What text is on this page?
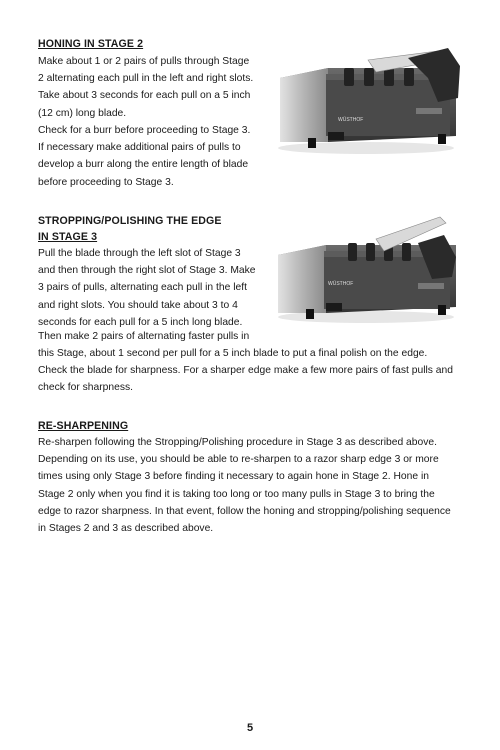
HONING IN STAGE 2

Make about 1 or 2 pairs of pulls through Stage
2 alternating each pull in the left and right slots.
Take about 3 seconds for each pull on a 5 inch
(12 cm) long blade.

Check for a burr before proceeding to Stage 3.
If necessary make additional pairs of pulls to
develop a burr along the entire length of blade
before proceeding to Stage 3.

WÜSTHOF
STROPPING/POLISHING THE EDGE
IN STAGE 3

Pull the blade through the left slot of Stage 3
and then through the right slot of Stage 3. Make
3 pairs of pulls, alternating each pull in the left
and right slots. You should take about 3 to 4
seconds for each pull for a 5 inch long blade.

Then make 2 pairs of alternating faster pulls in
this Stage, about 1 second per pull for a 5 inch blade to put a final polish on the edge.

Check the blade for sharpness. For a sharper edge make a few more pairs of fast pulls and
check for sharpness.

WÜSTHOF
RE-SHARPENING

Re-sharpen following the Stropping/Polishing procedure in Stage 3 as described above.
Depending on its use, you should be able to re-sharpen to a razor sharp edge 3 or more
times using only Stage 3 before finding it necessary to again hone in Stage 2. Hone in
Stage 2 only when you find it is taking too long or too many pulls in Stage 3 to bring the
edge to razor sharpness. In that event, follow the honing and stropping/polishing sequence
in Stages 2 and 3 as described above.

5
